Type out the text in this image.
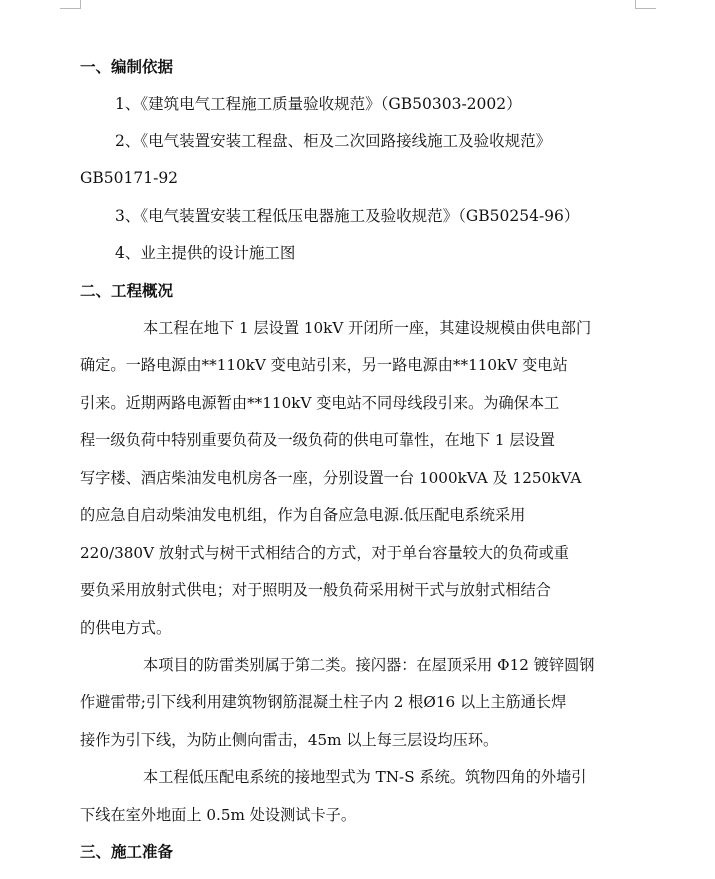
一、编制依据
1、《建筑电气工程施工质量验收规范》（GB50303-2002）
2、《电气装置安装工程盘、柜及二次回路接线施工及验收规范》
GB50171-92
3、《电气装置安装工程低压电器施工及验收规范》（GB50254-96）
4、业主提供的设计施工图
二、工程概况
本工程在地下 1 层设置 10kV 开闭所一座，其建设规模由供电部门
确定。一路电源由**110kV 变电站引来，另一路电源由**110kV 变电站
引来。近期两路电源暂由**110kV 变电站不同母线段引来。为确保本工
程一级负荷中特别重要负荷及一级负荷的供电可靠性，在地下 1 层设置
写字楼、酒店柴油发电机房各一座，分别设置一台 1000kVA 及 1250kVA
的应急自启动柴油发电机组，作为自备应急电源.低压配电系统采用
220/380V 放射式与树干式相结合的方式，对于单台容量较大的负荷或重
要负采用放射式供电；对于照明及一般负荷采用树干式与放射式相结合
的供电方式。
本项目的防雷类别属于第二类。接闪器：在屋顶采用 Φ12 镀锌圆钢
作避雷带;引下线利用建筑物钢筋混凝土柱子内 2 根Ø16 以上主筋通长焊
接作为引下线，为防止侧向雷击，45m 以上每三层设均压环。
本工程低压配电系统的接地型式为 TN-S 系统。筑物四角的外墙引
下线在室外地面上 0.5m 处设测试卡子。
三、施工准备
